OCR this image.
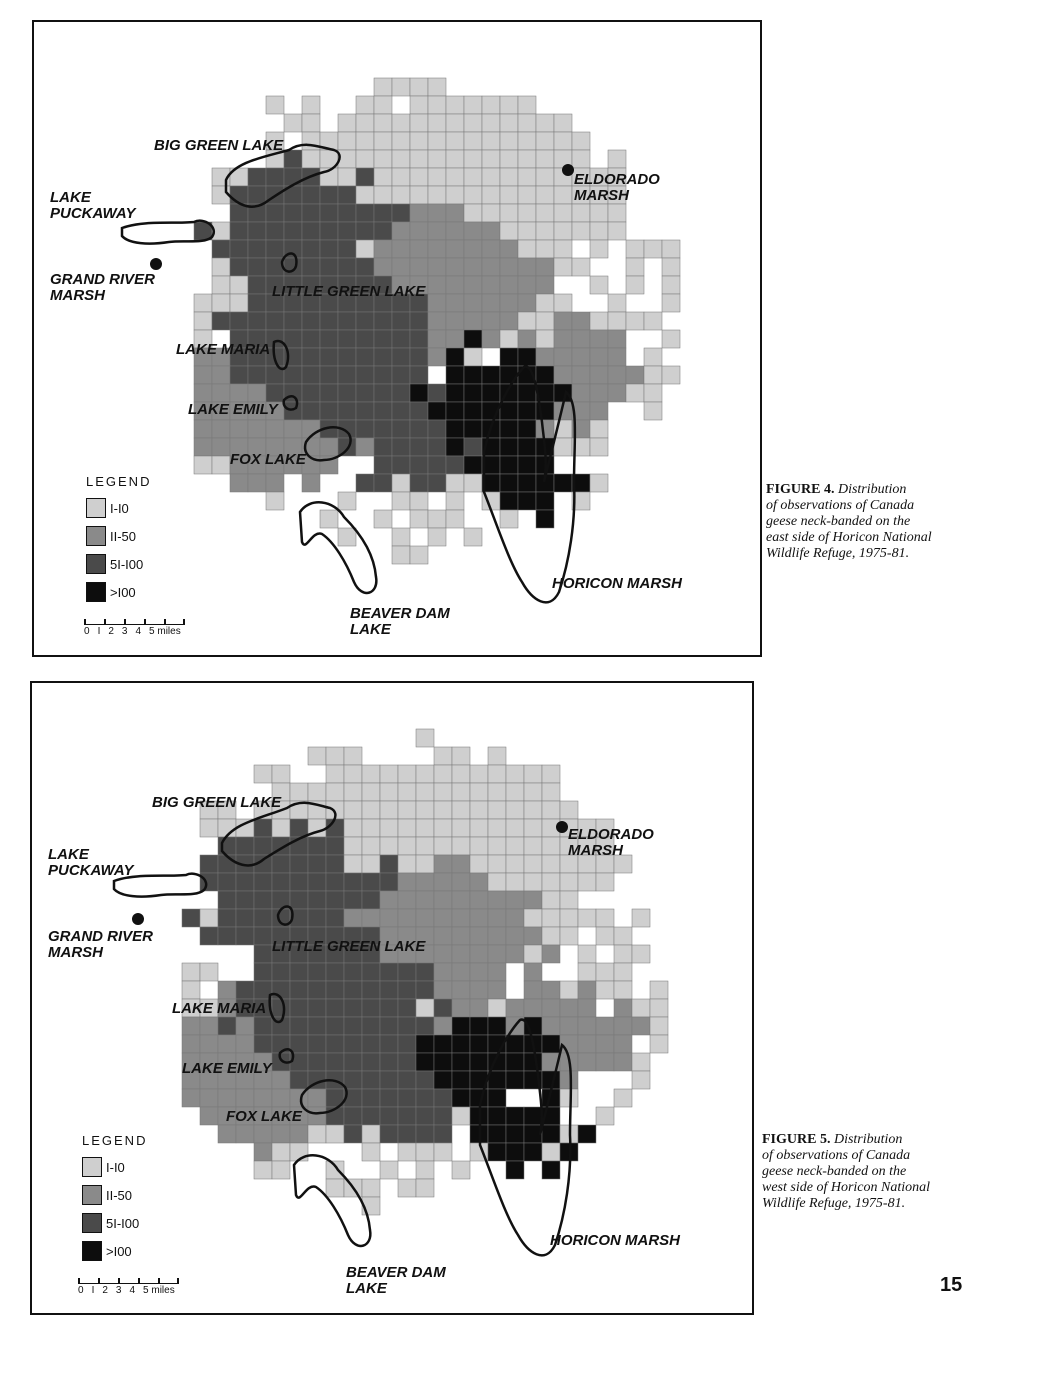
BIG GREEN LAKE
LAKE
PUCKAWAY
GRAND RIVER
MARSH
ELDORADO
MARSH
LITTLE GREEN LAKE
LAKE MARIA
LAKE EMILY
FOX LAKE
HORICON MARSH
BEAVER DAM
LAKE
LEGEND
I-I0
II-50
5I-I00
>I00
0 I 2 3 4 5 miles
FIGURE 4. Distribution
of observations of Canada
geese neck-banded on the
east side of Horicon National
Wildlife Refuge, 1975-81.
BIG GREEN LAKE
LAKE
PUCKAWAY
GRAND RIVER
MARSH
ELDORADO
MARSH
LITTLE GREEN LAKE
LAKE MARIA
LAKE EMILY
FOX LAKE
HORICON MARSH
BEAVER DAM
LAKE
LEGEND
I-I0
II-50
5I-I00
>I00
0 I 2 3 4 5 miles
FIGURE 5. Distribution
of observations of Canada
geese neck-banded on the
west side of Horicon National
Wildlife Refuge, 1975-81.
15
